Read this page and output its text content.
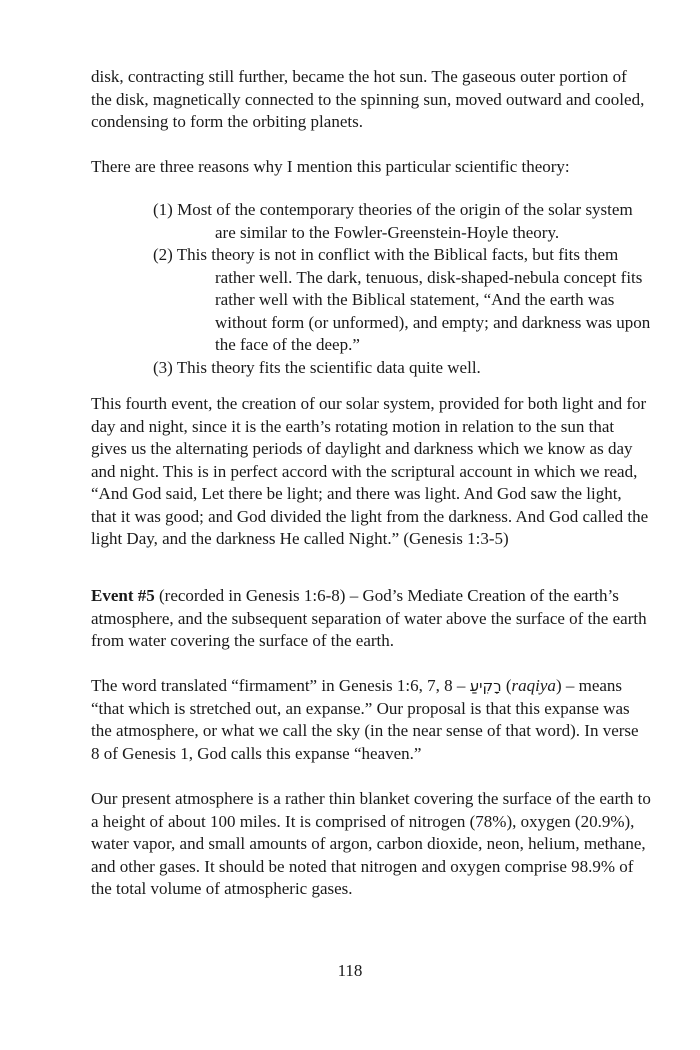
disk, contracting still further, became the hot sun. The gaseous outer portion of the disk, magnetically connected to the spinning sun, moved outward and cooled, condensing to form the orbiting planets.

There are three reasons why I mention this particular scientific theory:

(1) Most of the contemporary theories of the origin of the solar system are similar to the Fowler-Greenstein-Hoyle theory.

(2) This theory is not in conflict with the Biblical facts, but fits them rather well. The dark, tenuous, disk-shaped-nebula concept fits rather well with the Biblical statement, “And the earth was without form (or unformed), and empty; and darkness was upon the face of the deep.”

(3) This theory fits the scientific data quite well.

This fourth event, the creation of our solar system, provided for both light and for day and night, since it is the earth’s rotating motion in relation to the sun that gives us the alternating periods of daylight and darkness which we know as day and night. This is in perfect accord with the scriptural account in which we read, “And God said, Let there be light; and there was light. And God saw the light, that it was good; and God divided the light from the darkness. And God called the light Day, and the darkness He called Night.” (Genesis 1:3-5)

Event #5 (recorded in Genesis 1:6-8) – God’s Mediate Creation of the earth’s atmosphere, and the subsequent separation of water above the surface of the earth from water covering the surface of the earth.

The word translated “firmament” in Genesis 1:6, 7, 8 – רָקִיעַ (raqiya) – means “that which is stretched out, an expanse.” Our proposal is that this expanse was the atmosphere, or what we call the sky (in the near sense of that word). In verse 8 of Genesis 1, God calls this expanse “heaven.”

Our present atmosphere is a rather thin blanket covering the surface of the earth to a height of about 100 miles. It is comprised of nitrogen (78%), oxygen (20.9%), water vapor, and small amounts of argon, carbon dioxide, neon, helium, methane, and other gases. It should be noted that nitrogen and oxygen comprise 98.9% of the total volume of atmospheric gases.

118
